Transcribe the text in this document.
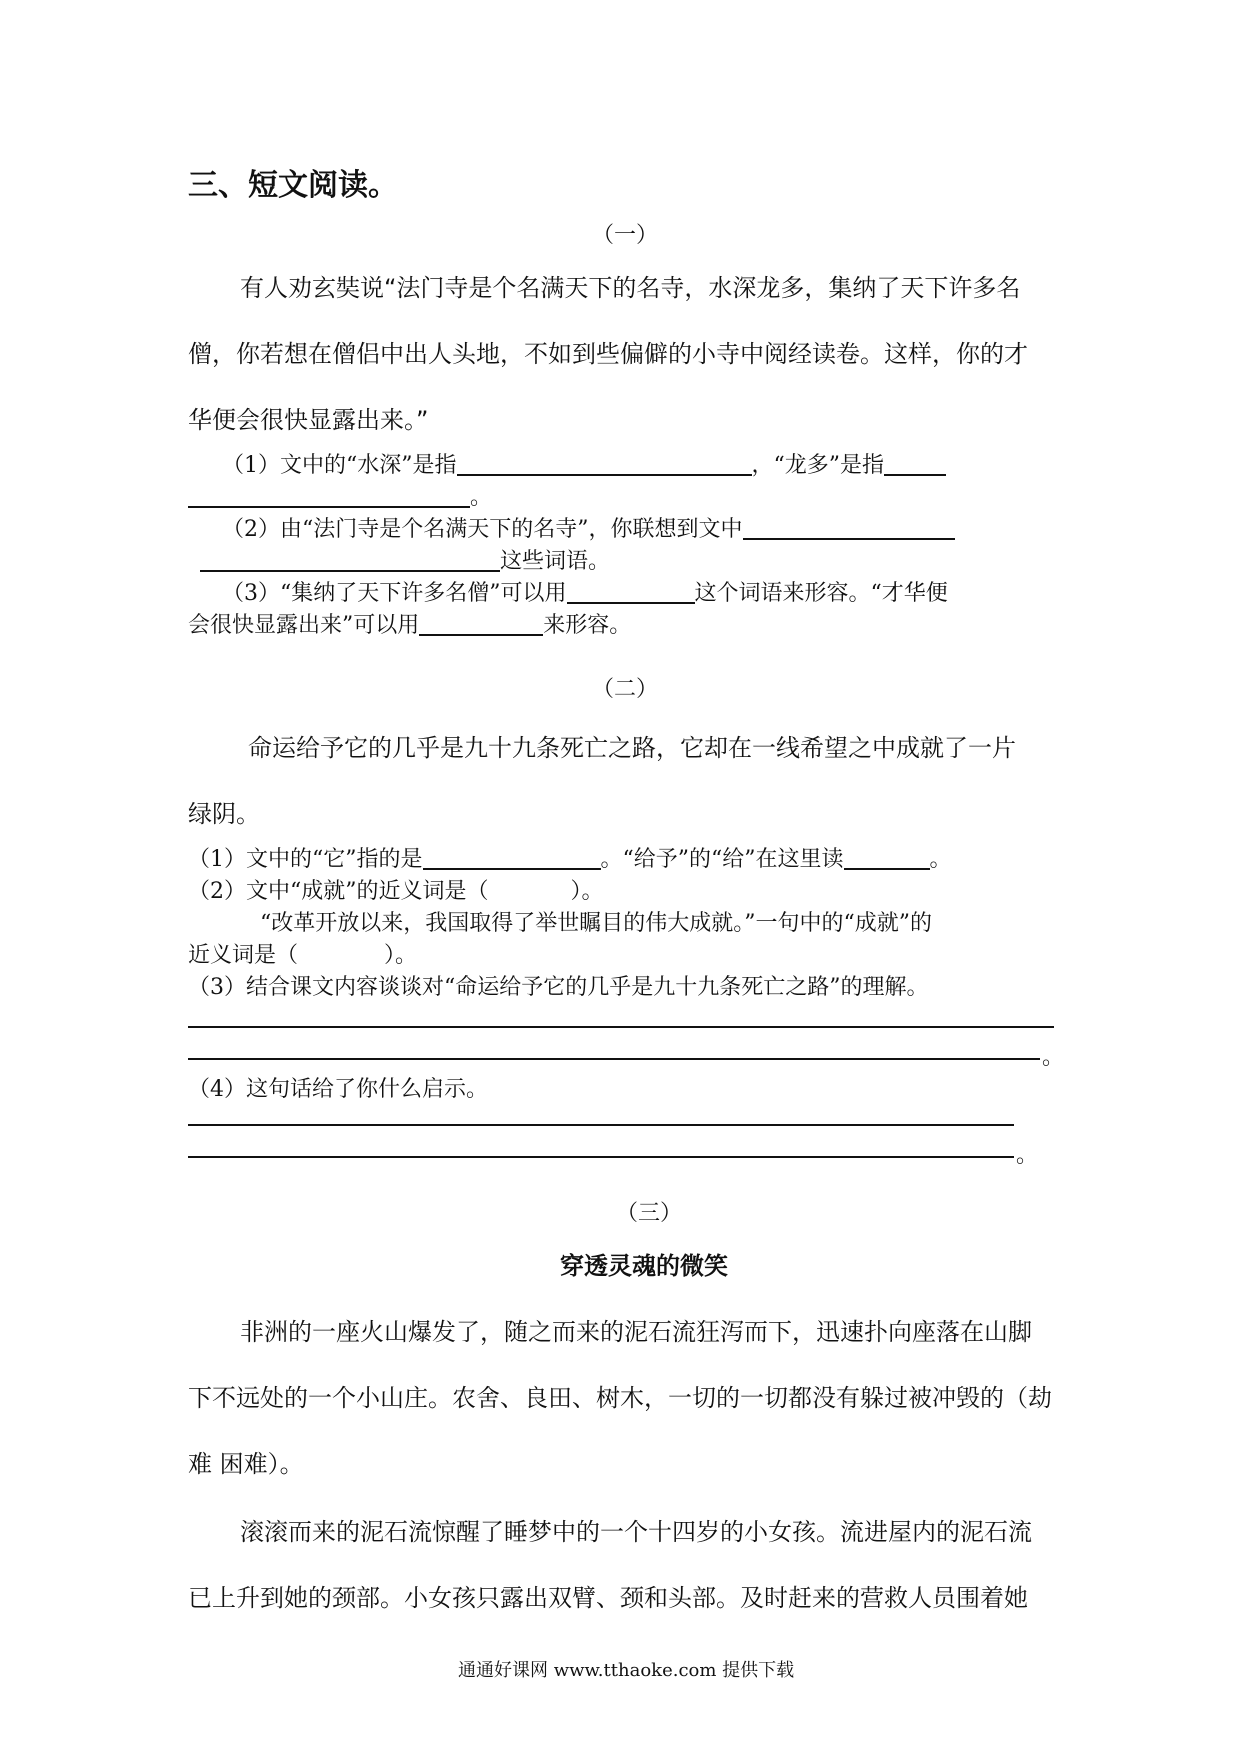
三、短文阅读。
（一）
有人劝玄奘说“法门寺是个名满天下的名寺，水深龙多，集纳了天下许多名
僧，你若想在僧侣中出人头地，不如到些偏僻的小寺中阅经读卷。这样，你的才
华便会很快显露出来。”
（1）文中的“水深”是指	，“龙多”是指
。
（2）由“法门寺是个名满天下的名寺”，你联想到文中
这些词语。
（3）“集纳了天下许多名僧”可以用	这个词语来形容。“才华便
会很快显露出来”可以用	来形容。
（二）
命运给予它的几乎是九十九条死亡之路，它却在一线希望之中成就了一片
绿阴。
（1）文中的“它”指的是	。“给予”的“给”在这里读	。
（2）文中“成就”的近义词是（	）。
“改革开放以来，我国取得了举世瞩目的伟大成就。”一句中的“成就”的
近义词是（	）。
（3）结合课文内容谈谈对“命运给予它的几乎是九十九条死亡之路”的理解。
。
（4）这句话给了你什么启示。
。
（三）
穿透灵魂的微笑
非洲的一座火山爆发了，随之而来的泥石流狂泻而下，迅速扑向座落在山脚
下不远处的一个小山庄。农舍、良田、树木，一切的一切都没有躲过被冲毁的（劫
难 困难）。
滚滚而来的泥石流惊醒了睡梦中的一个十四岁的小女孩。流进屋内的泥石流
已上升到她的颈部。小女孩只露出双臂、颈和头部。及时赶来的营救人员围着她
通通好课网 www.tthaoke.com 提供下载
